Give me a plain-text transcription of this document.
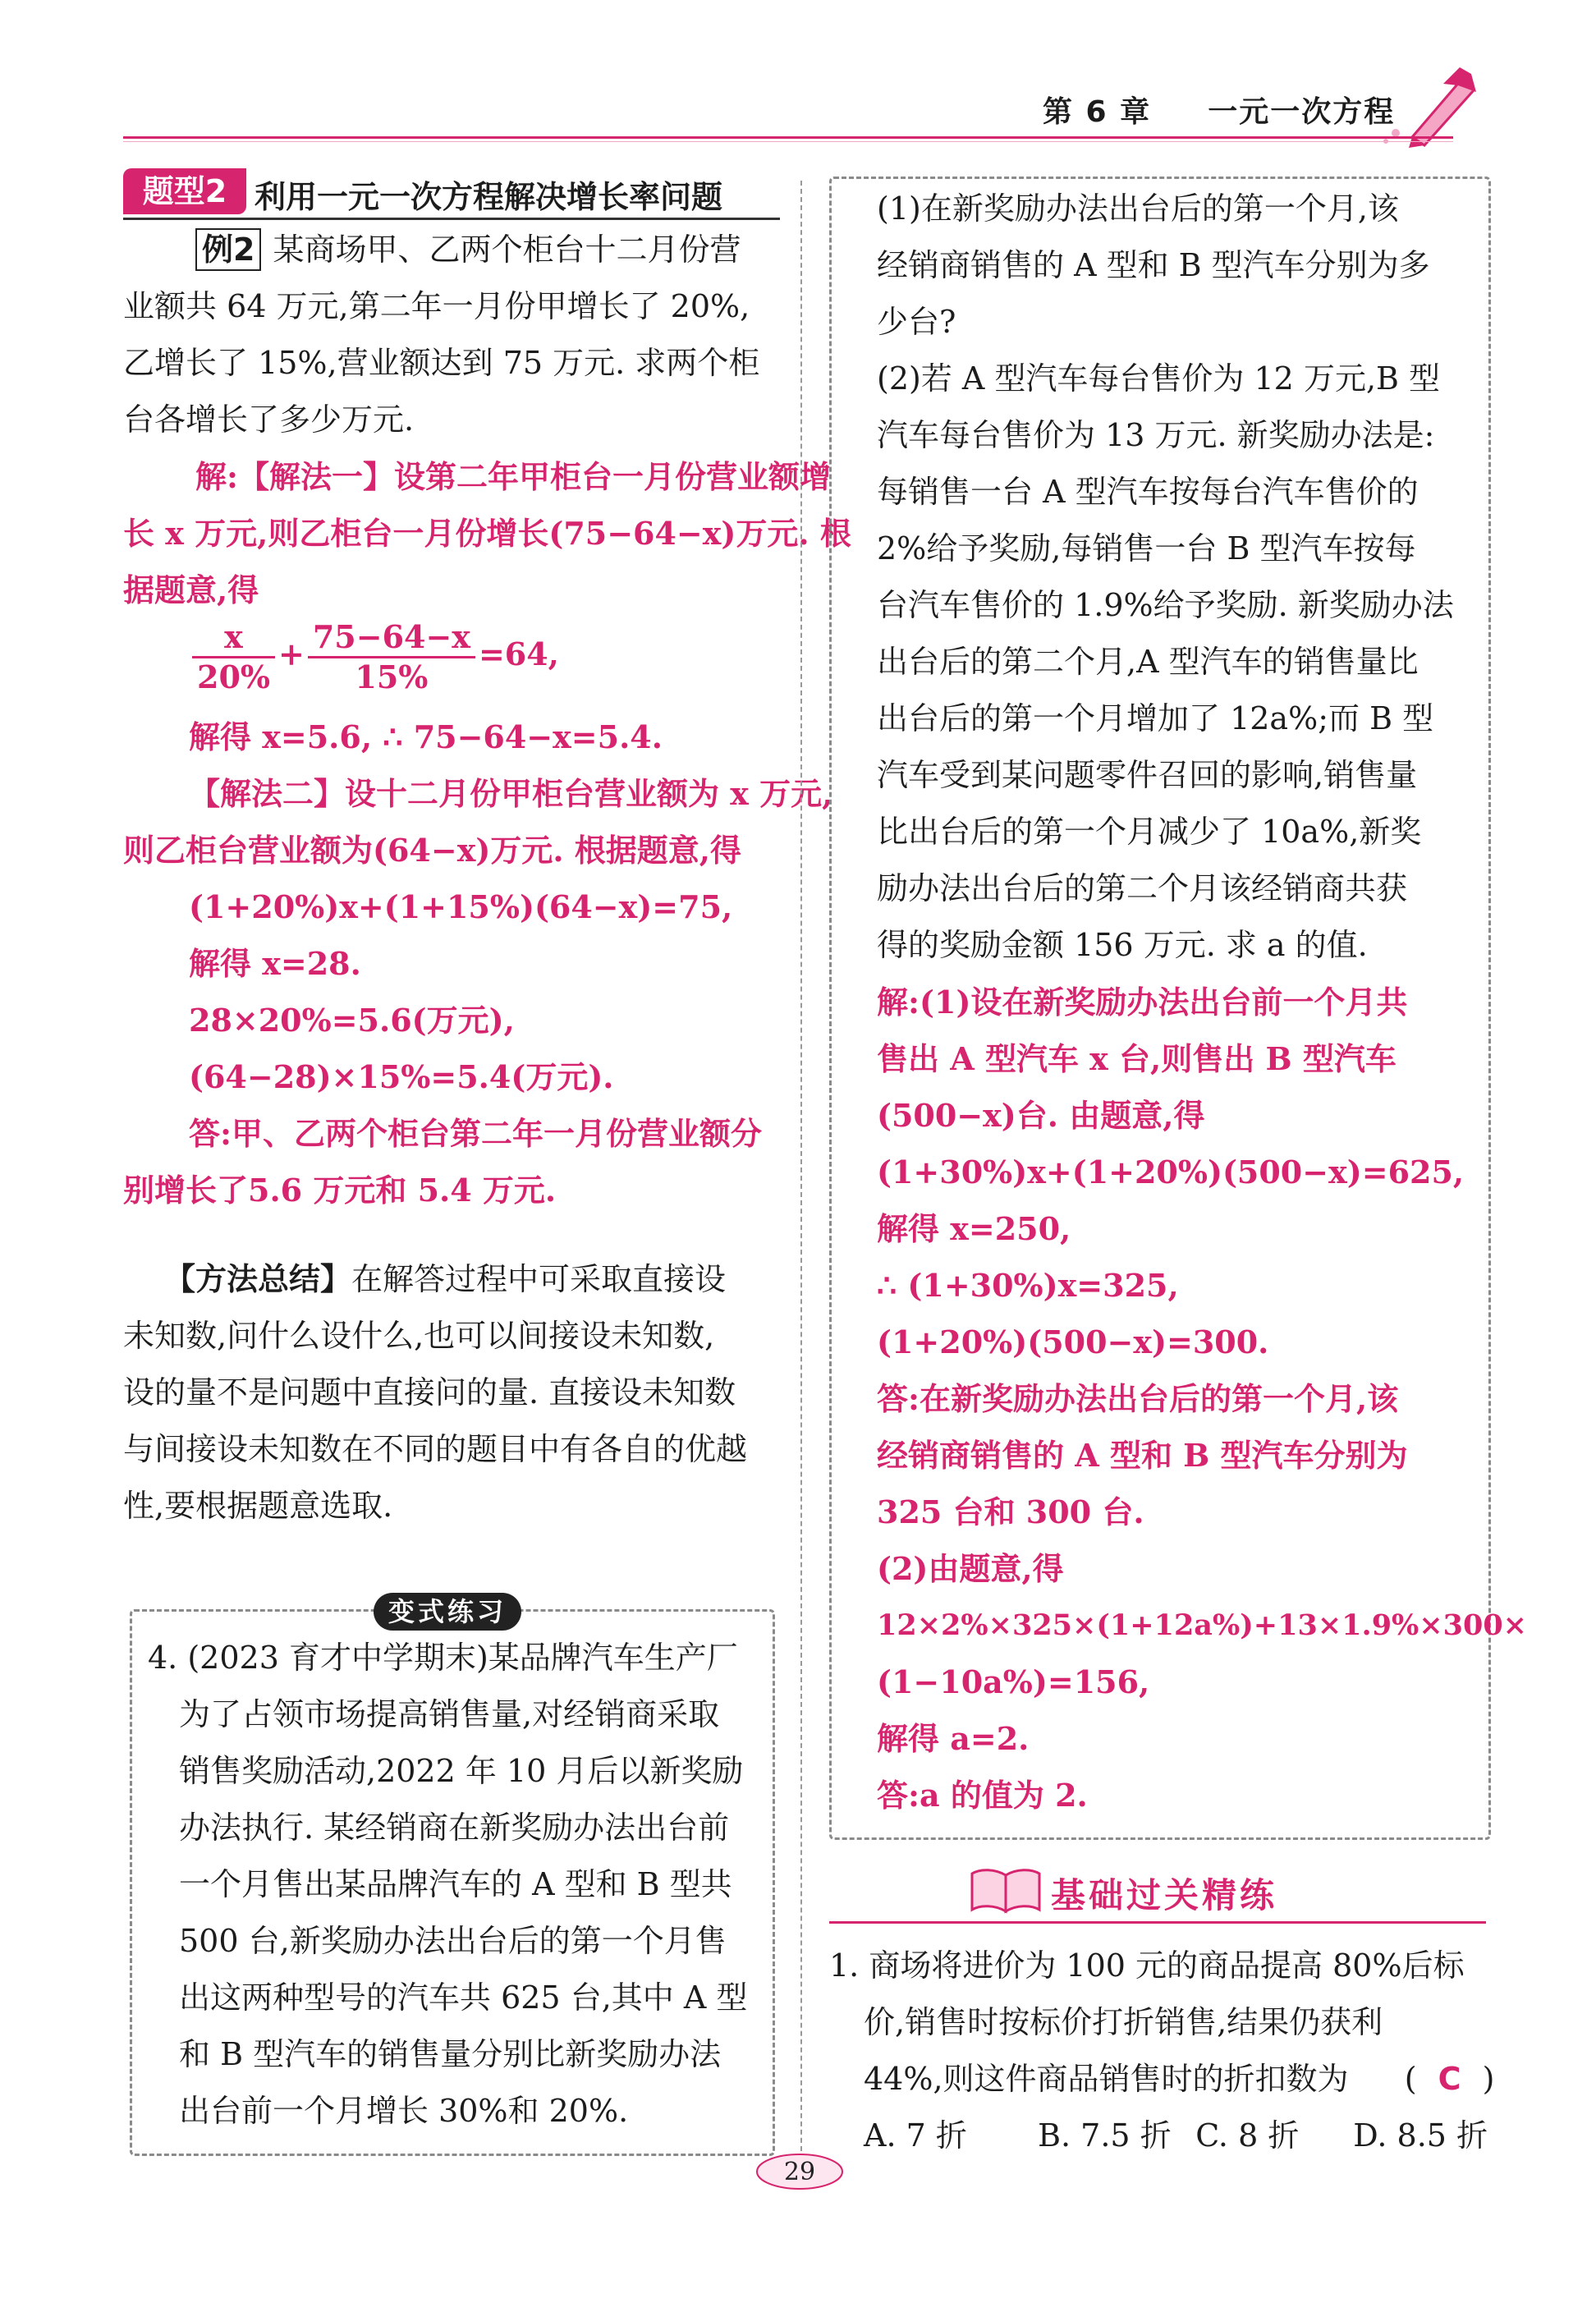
第 6 章 一元一次方程
题型2 利用一元一次方程解决增长率问题
例2 某商场甲、乙两个柜台十二月份营
业额共 64 万元,第二年一月份甲增长了 20%,
乙增长了 15%,营业额达到 75 万元. 求两个柜
台各增长了多少万元.
解:【解法一】设第二年甲柜台一月份营业额增
长 x 万元,则乙柜台一月份增长(75−64−x)万元. 根
据题意,得
$\frac{x}{20\%} + \frac{75-64-x}{15\%} =64$,
解得 x=5.6, ∴ 75−64−x=5.4.
【解法二】设十二月份甲柜台营业额为 x 万元,
则乙柜台营业额为(64−x)万元. 根据题意,得
(1+20%)x+(1+15%)(64−x)=75,
解得 x=28.
28×20%=5.6(万元),
(64−28)×15%=5.4(万元).
答:甲、乙两个柜台第二年一月份营业额分
别增长了5.6 万元和 5.4 万元.
【方法总结】在解答过程中可采取直接设
未知数,问什么设什么,也可以间接设未知数,
设的量不是问题中直接问的量. 直接设未知数
与间接设未知数在不同的题目中有各自的优越
性,要根据题意选取.
变式练习
4. (2023 育才中学期末)某品牌汽车生产厂
为了占领市场提高销售量,对经销商采取
销售奖励活动,2022 年 10 月后以新奖励
办法执行. 某经销商在新奖励办法出台前
一个月售出某品牌汽车的 A 型和 B 型共
500 台,新奖励办法出台后的第一个月售
出这两种型号的汽车共 625 台,其中 A 型
和 B 型汽车的销售量分别比新奖励办法
出台前一个月增长 30%和 20%.
(1)在新奖励办法出台后的第一个月,该
经销商销售的 A 型和 B 型汽车分别为多
少台?
(2)若 A 型汽车每台售价为 12 万元,B 型
汽车每台售价为 13 万元. 新奖励办法是:
每销售一台 A 型汽车按每台汽车售价的
2%给予奖励,每销售一台 B 型汽车按每
台汽车售价的 1.9%给予奖励. 新奖励办法
出台后的第二个月,A 型汽车的销售量比
出台后的第一个月增加了 12a%;而 B 型
汽车受到某问题零件召回的影响,销售量
比出台后的第一个月减少了 10a%,新奖
励办法出台后的第二个月该经销商共获
得的奖励金额 156 万元. 求 a 的值.
解:(1)设在新奖励办法出台前一个月共
售出 A 型汽车 x 台,则售出 B 型汽车
(500−x)台. 由题意,得
(1+30%)x+(1+20%)(500−x)=625,
解得 x=250,
∴ (1+30%)x=325,
(1+20%)(500−x)=300.
答:在新奖励办法出台后的第一个月,该
经销商销售的 A 型和 B 型汽车分别为
325 台和 300 台.
(2)由题意,得
12×2%×325×(1+12a%)+13×1.9%×300×
(1−10a%)=156,
解得 a=2.
答:a 的值为 2.
基础过关精练
1. 商场将进价为 100 元的商品提高 80%后标
价,销售时按标价打折销售,结果仍获利
44%,则这件商品销售时的折扣数为 ( C )
A. 7 折 B. 7.5 折 C. 8 折 D. 8.5 折
29
